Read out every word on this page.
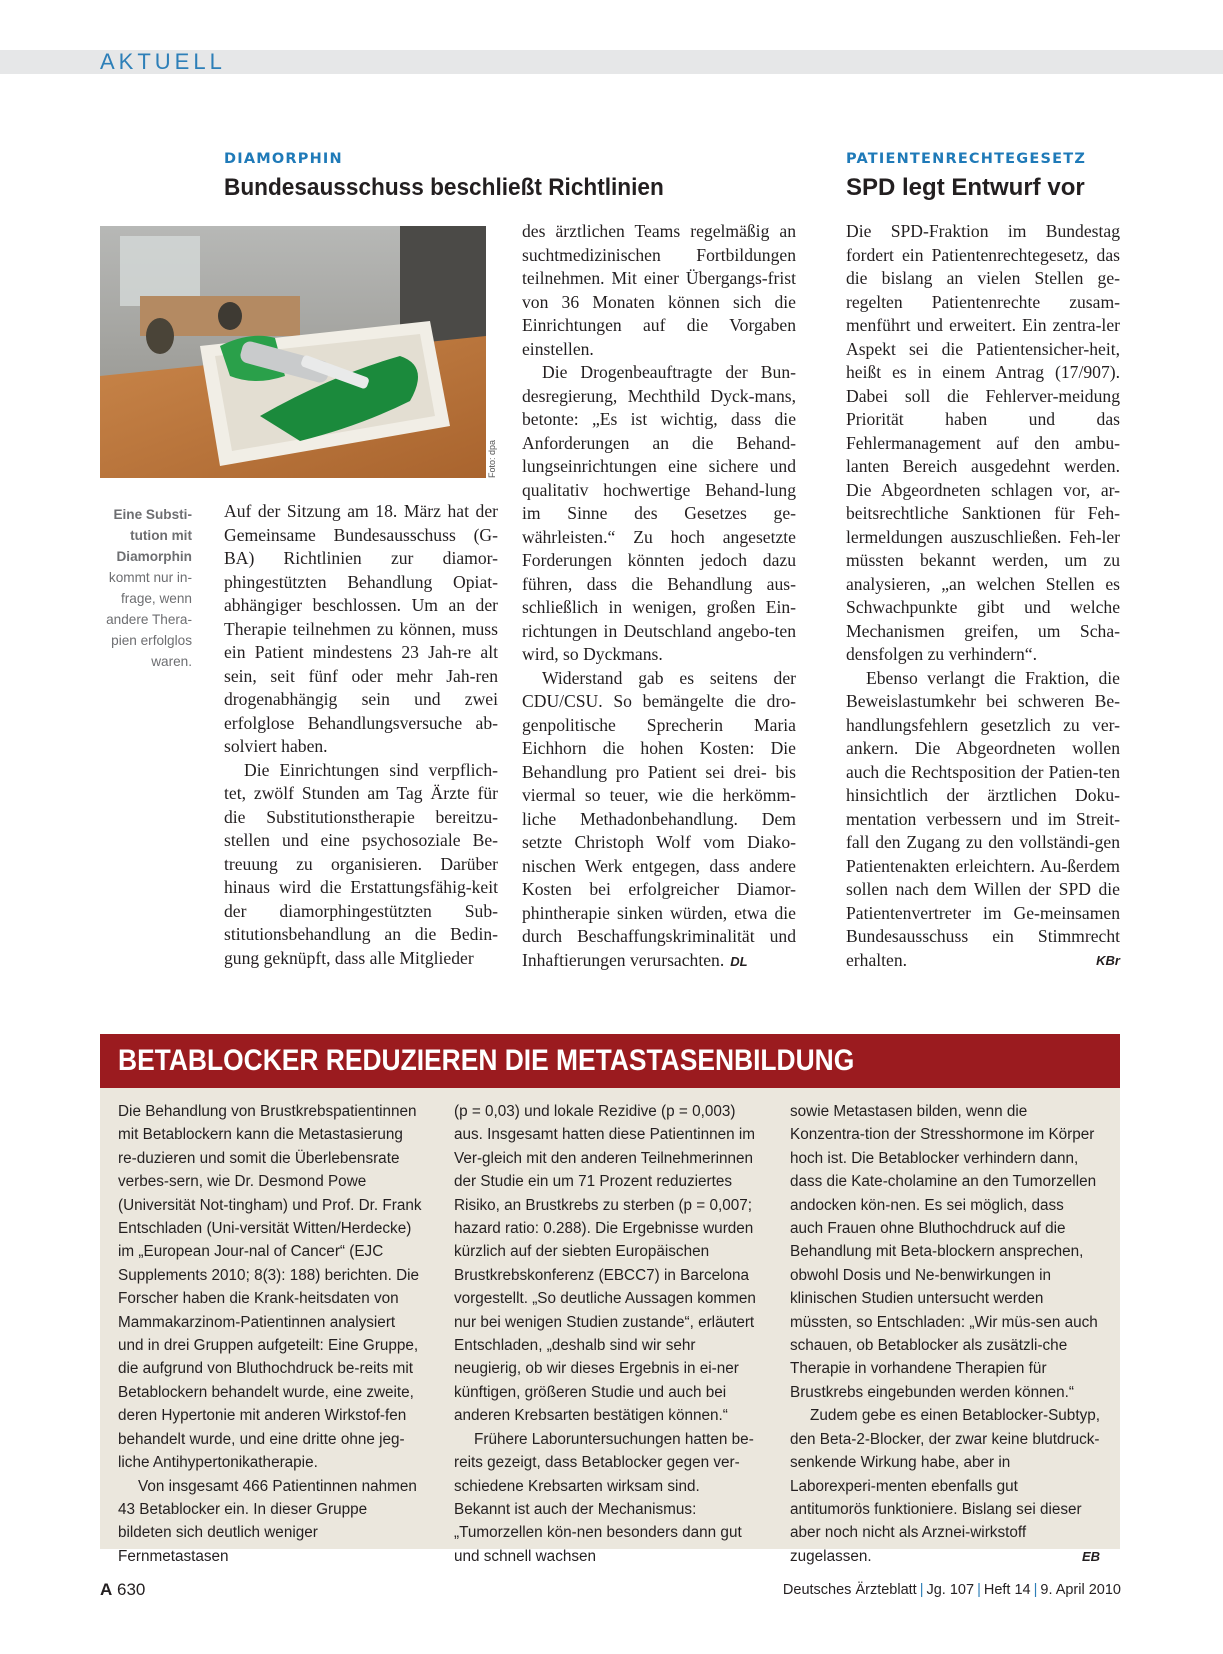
AKTUELL
DIAMORPHIN
Bundesausschuss beschließt Richtlinien
Foto: dpa
Eine Substi-tution mit Diamorphin kommt nur in-frage, wenn andere Thera-pien erfolglos waren.

Auf der Sitzung am 18. März hat der Gemeinsame Bundesausschuss (G-BA) Richtlinien zur diamor-phingestützten Behandlung Opiat-abhängiger beschlossen. Um an der Therapie teilnehmen zu können, muss ein Patient mindestens 23 Jah-re alt sein, seit fünf oder mehr Jah-ren drogenabhängig sein und zwei erfolglose Behandlungsversuche ab-solviert haben.

Die Einrichtungen sind verpflich-tet, zwölf Stunden am Tag Ärzte für die Substitutionstherapie bereitzu-stellen und eine psychosoziale Be-treuung zu organisieren. Darüber hinaus wird die Erstattungsfähig-keit der diamorphingestützten Sub-stitutionsbehandlung an die Bedin-gung geknüpft, dass alle Mitglieder

des ärztlichen Teams regelmäßig an suchtmedizinischen Fortbildungen teilnehmen. Mit einer Übergangs-frist von 36 Monaten können sich die Einrichtungen auf die Vorgaben einstellen.

Die Drogenbeauftragte der Bun-desregierung, Mechthild Dyck-mans, betonte: „Es ist wichtig, dass die Anforderungen an die Behand-lungseinrichtungen eine sichere und qualitativ hochwertige Behand-lung im Sinne des Gesetzes ge-währleisten.“ Zu hoch angesetzte Forderungen könnten jedoch dazu führen, dass die Behandlung aus-schließlich in wenigen, großen Ein-richtungen in Deutschland angebo-ten wird, so Dyckmans.

Widerstand gab es seitens der CDU/CSU. So bemängelte die dro-genpolitische Sprecherin Maria Eichhorn die hohen Kosten: Die Behandlung pro Patient sei drei- bis viermal so teuer, wie die herkömm-liche Methadonbehandlung. Dem setzte Christoph Wolf vom Diako-nischen Werk entgegen, dass andere Kosten bei erfolgreicher Diamor-phintherapie sinken würden, etwa die durch Beschaffungskriminalität und Inhaftierungen verursachten. DL

PATIENTENRECHTEGESETZ
SPD legt Entwurf vor

Die SPD-Fraktion im Bundestag fordert ein Patientenrechtegesetz, das die bislang an vielen Stellen ge-regelten Patientenrechte zusam-menführt und erweitert. Ein zentra-ler Aspekt sei die Patientensicher-heit, heißt es in einem Antrag (17/907). Dabei soll die Fehlerver-meidung Priorität haben und das Fehlermanagement auf den ambu-lanten Bereich ausgedehnt werden. Die Abgeordneten schlagen vor, ar-beitsrechtliche Sanktionen für Feh-lermeldungen auszuschließen. Feh-ler müssten bekannt werden, um zu analysieren, „an welchen Stellen es Schwachpunkte gibt und welche Mechanismen greifen, um Scha-densfolgen zu verhindern“.

Ebenso verlangt die Fraktion, die Beweislastumkehr bei schweren Be-handlungsfehlern gesetzlich zu ver-ankern. Die Abgeordneten wollen auch die Rechtsposition der Patien-ten hinsichtlich der ärztlichen Doku-mentation verbessern und im Streit-fall den Zugang zu den vollständi-gen Patientenakten erleichtern. Au-ßerdem sollen nach dem Willen der SPD die Patientenvertreter im Ge-meinsamen Bundesausschuss ein Stimmrecht erhalten.	KBr

BETABLOCKER REDUZIEREN DIE METASTASENBILDUNG

Die Behandlung von Brustkrebspatientinnen mit Betablockern kann die Metastasierung re-duzieren und somit die Überlebensrate verbes-sern, wie Dr. Desmond Powe (Universität Not-tingham) und Prof. Dr. Frank Entschladen (Uni-versität Witten/Herdecke) im „European Jour-nal of Cancer“ (EJC Supplements 2010; 8(3): 188) berichten. Die Forscher haben die Krank-heitsdaten von Mammakarzinom-Patientinnen analysiert und in drei Gruppen aufgeteilt: Eine Gruppe, die aufgrund von Bluthochdruck be-reits mit Betablockern behandelt wurde, eine zweite, deren Hypertonie mit anderen Wirkstof-fen behandelt wurde, und eine dritte ohne jeg-liche Antihypertonikatherapie.

Von insgesamt 466 Patientinnen nahmen 43 Betablocker ein. In dieser Gruppe bildeten sich deutlich weniger Fernmetastasen

(p = 0,03) und lokale Rezidive (p = 0,003) aus. Insgesamt hatten diese Patientinnen im Ver-gleich mit den anderen Teilnehmerinnen der Studie ein um 71 Prozent reduziertes Risiko, an Brustkrebs zu sterben (p = 0,007; hazard ratio: 0.288). Die Ergebnisse wurden kürzlich auf der siebten Europäischen Brustkrebskonferenz (EBCC7) in Barcelona vorgestellt. „So deutliche Aussagen kommen nur bei wenigen Studien zustande“, erläutert Entschladen, „deshalb sind wir sehr neugierig, ob wir dieses Ergebnis in ei-ner künftigen, größeren Studie und auch bei anderen Krebsarten bestätigen können.“

Frühere Laboruntersuchungen hatten be-reits gezeigt, dass Betablocker gegen ver-schiedene Krebsarten wirksam sind. Bekannt ist auch der Mechanismus: „Tumorzellen kön-nen besonders dann gut und schnell wachsen

sowie Metastasen bilden, wenn die Konzentra-tion der Stresshormone im Körper hoch ist. Die Betablocker verhindern dann, dass die Kate-cholamine an den Tumorzellen andocken kön-nen. Es sei möglich, dass auch Frauen ohne Bluthochdruck auf die Behandlung mit Beta-blockern ansprechen, obwohl Dosis und Ne-benwirkungen in klinischen Studien untersucht werden müssten, so Entschladen: „Wir müs-sen auch schauen, ob Betablocker als zusätzli-che Therapie in vorhandene Therapien für Brustkrebs eingebunden werden können.“

Zudem gebe es einen Betablocker-Subtyp, den Beta-2-Blocker, der zwar keine blutdruck-senkende Wirkung habe, aber in Laborexperi-menten ebenfalls gut antitumorös funktioniere. Bislang sei dieser aber noch nicht als Arznei-wirkstoff zugelassen.	EB

A 630	Deutsches Ärzteblatt | Jg. 107 | Heft 14 | 9. April 2010
